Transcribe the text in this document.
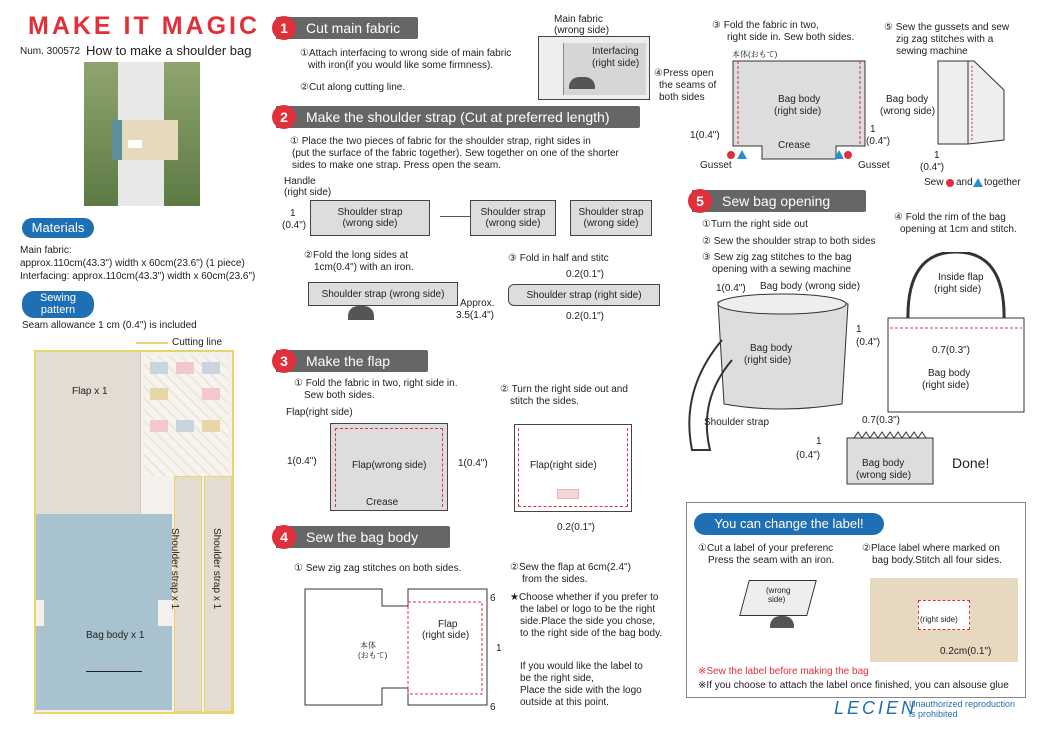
MAKE IT MAGIC
Num. 300572 How to make a shoulder bag
Materials
Main fabric:
approx.110cm(43.3") width x 60cm(23.6") (1 piece)
Interfacing: approx.110cm(43.3") width x 60cm(23.6")
Sewing
pattern
Seam allowance 1 cm (0.4") is included
Cutting line
Flap x 1
Bag body x 1
Shoulder strap x 1	Shoulder strap x 1
1	Cut main fabric
①Attach interfacing to wrong side of main fabric
with iron(if you would like some firmness).
②Cut along cutting line.
Main fabric
(wrong side)
Interfacing
(right side)
2	Make the shoulder strap (Cut at preferred length)
① Place the two pieces of fabric for the shoulder strap, right sides in
(put the surface of the fabric together). Sew together on one of the shorter
sides to make one strap. Press open the seam.
Handle
(right side)
1
(0.4")
Shoulder strap
(wrong side)
Shoulder strap
(wrong side)
Shoulder strap
(wrong side)
②Fold the long sides at
1cm(0.4") with an iron.
Shoulder strap (wrong side)
③ Fold in half and stitc
0.2(0.1")
Shoulder strap (right side)
0.2(0.1")
Approx.
3.5(1.4")
3	Make the flap
① Fold the fabric in two, right side in.
Sew both sides.
Flap(right side)
Flap(wrong side)
1(0.4")	1(0.4")
Crease
② Turn the right side out and
stitch the sides.
Flap(right side)
0.2(0.1")
4	Sew the bag body
① Sew zig zag stitches on both sides.
本体
(おもて)
Flap
(right side)
6
6
1
②Sew the flap at 6cm(2.4")
from the sides.
★Choose whether if you prefer to
the label or logo to be the right
side.Place the side you chose,
to the right side of the bag body.
If you would like the label to
be the right side,
Place the side with the logo
outside at this point.
③ Fold the fabric in two,
right side in. Sew both sides.
本体(おもて)
④Press open
the seams of
both sides	Bag body
(right side)
Crease
1(0.4")
1
(0.4")
Gusset	Gusset
⑤ Sew the gussets and sew
zig zag stitches with a
sewing machine
Bag body
(wrong side)
1
(0.4")
Sew and together
5	Sew bag opening
①Turn the right side out
② Sew the shoulder strap to both sides
③ Sew zig zag stitches to the bag
opening with a sewing machine
④ Fold the rim of the bag
opening at 1cm and stitch.
1(0.4") Bag body (wrong side)
Bag body
(right side)
1
(0.4")
Shoulder strap
Inside flap
(right side)
0.7(0.3")
Bag body
(right side)
0.7(0.3")
1
(0.4")
Bag body
(wrong side)
Done!
You can change the label!
①Cut a label of your preferenc
Press the seam with an iron.
②Place label where marked on
bag body.Stitch all four sides.
(wrong
side)
(right side)
0.2cm(0.1")
※Sew the label before making the bag
※If you choose to attach the label once finished, you can alsouse glue
LECIEN
Unauthorized reproduction
is prohibited
